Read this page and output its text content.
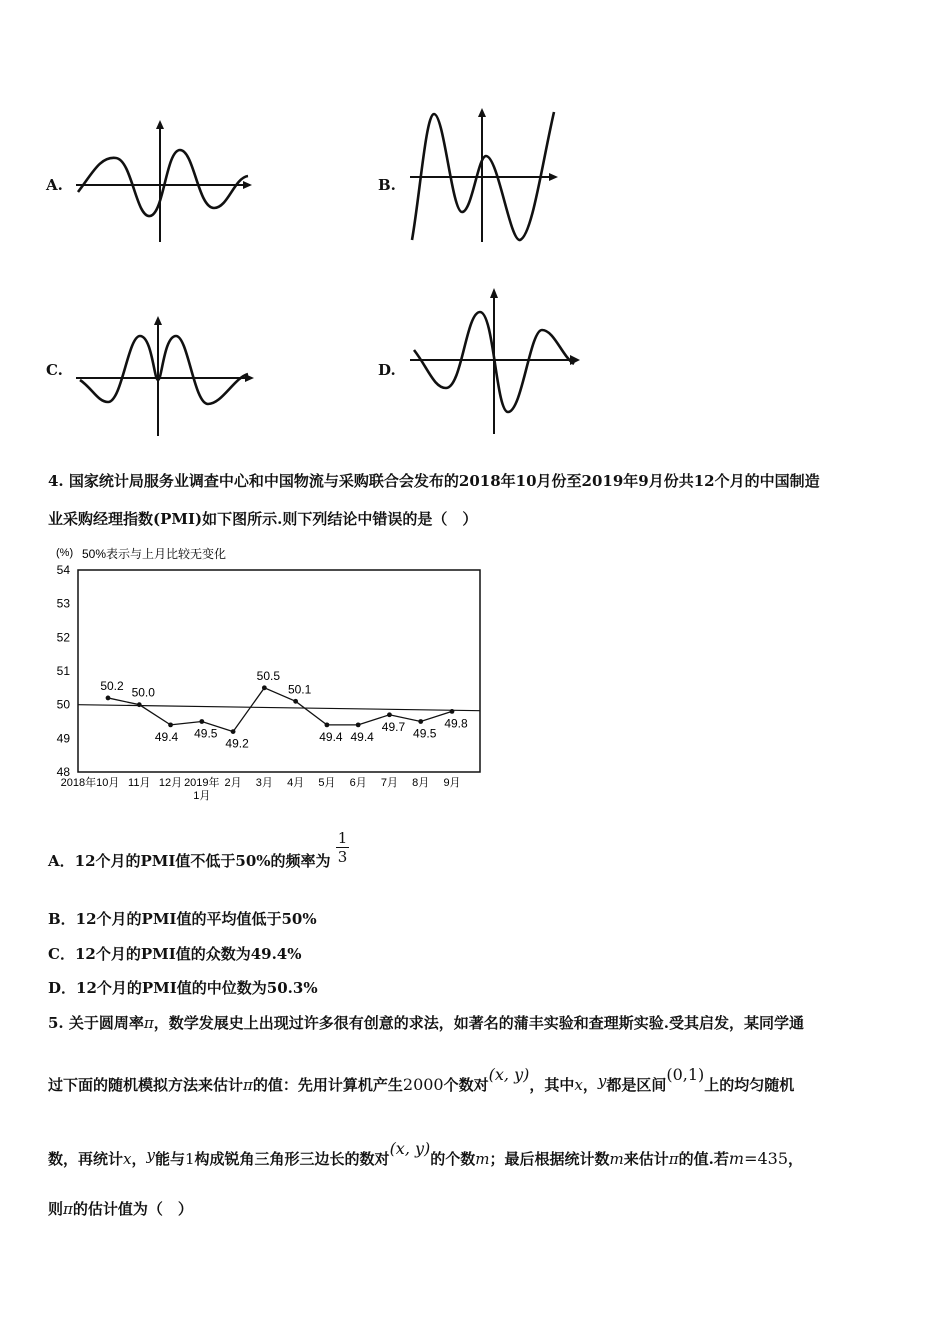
A.	B.
C.	D.
4. 国家统计局服务业调查中心和中国物流与采购联合会发布的2018年10月份至2019年9月份共12个月的中国制造
业采购经理指数(PMI)如下图所示.则下列结论中错误的是（　）
(%) 50%表示与上月比较无变化
54
53
52
51
50
49
48
50.2 50.0
49.4 49.5
49.2
50.5
50.1
49.4 49.4
49.7 49.5
49.8
2018年10月 11月 12月 2019年 2月 3月 4月 5月 6月 7月 8月 9月
1月
A．12个月的PMI值不低于50%的频率为 $\frac{1}{3}$
B．12个月的PMI值的平均值低于50%
C．12个月的PMI值的众数为49.4%
D．12个月的PMI值的中位数为50.3%
5. 关于圆周率π，数学发展史上出现过许多很有创意的求法，如著名的蒲丰实验和查理斯实验.受其启发，某同学通
过下面的随机模拟方法来估计π的值：先用计算机产生2000个数对(x, y)，其中x，y都是区间(0,1)上的均匀随机
数，再统计x，y能与1构成锐角三角形三边长的数对(x, y)的个数m；最后根据统计数m来估计π的值.若m=435，
则π的估计值为（　）
